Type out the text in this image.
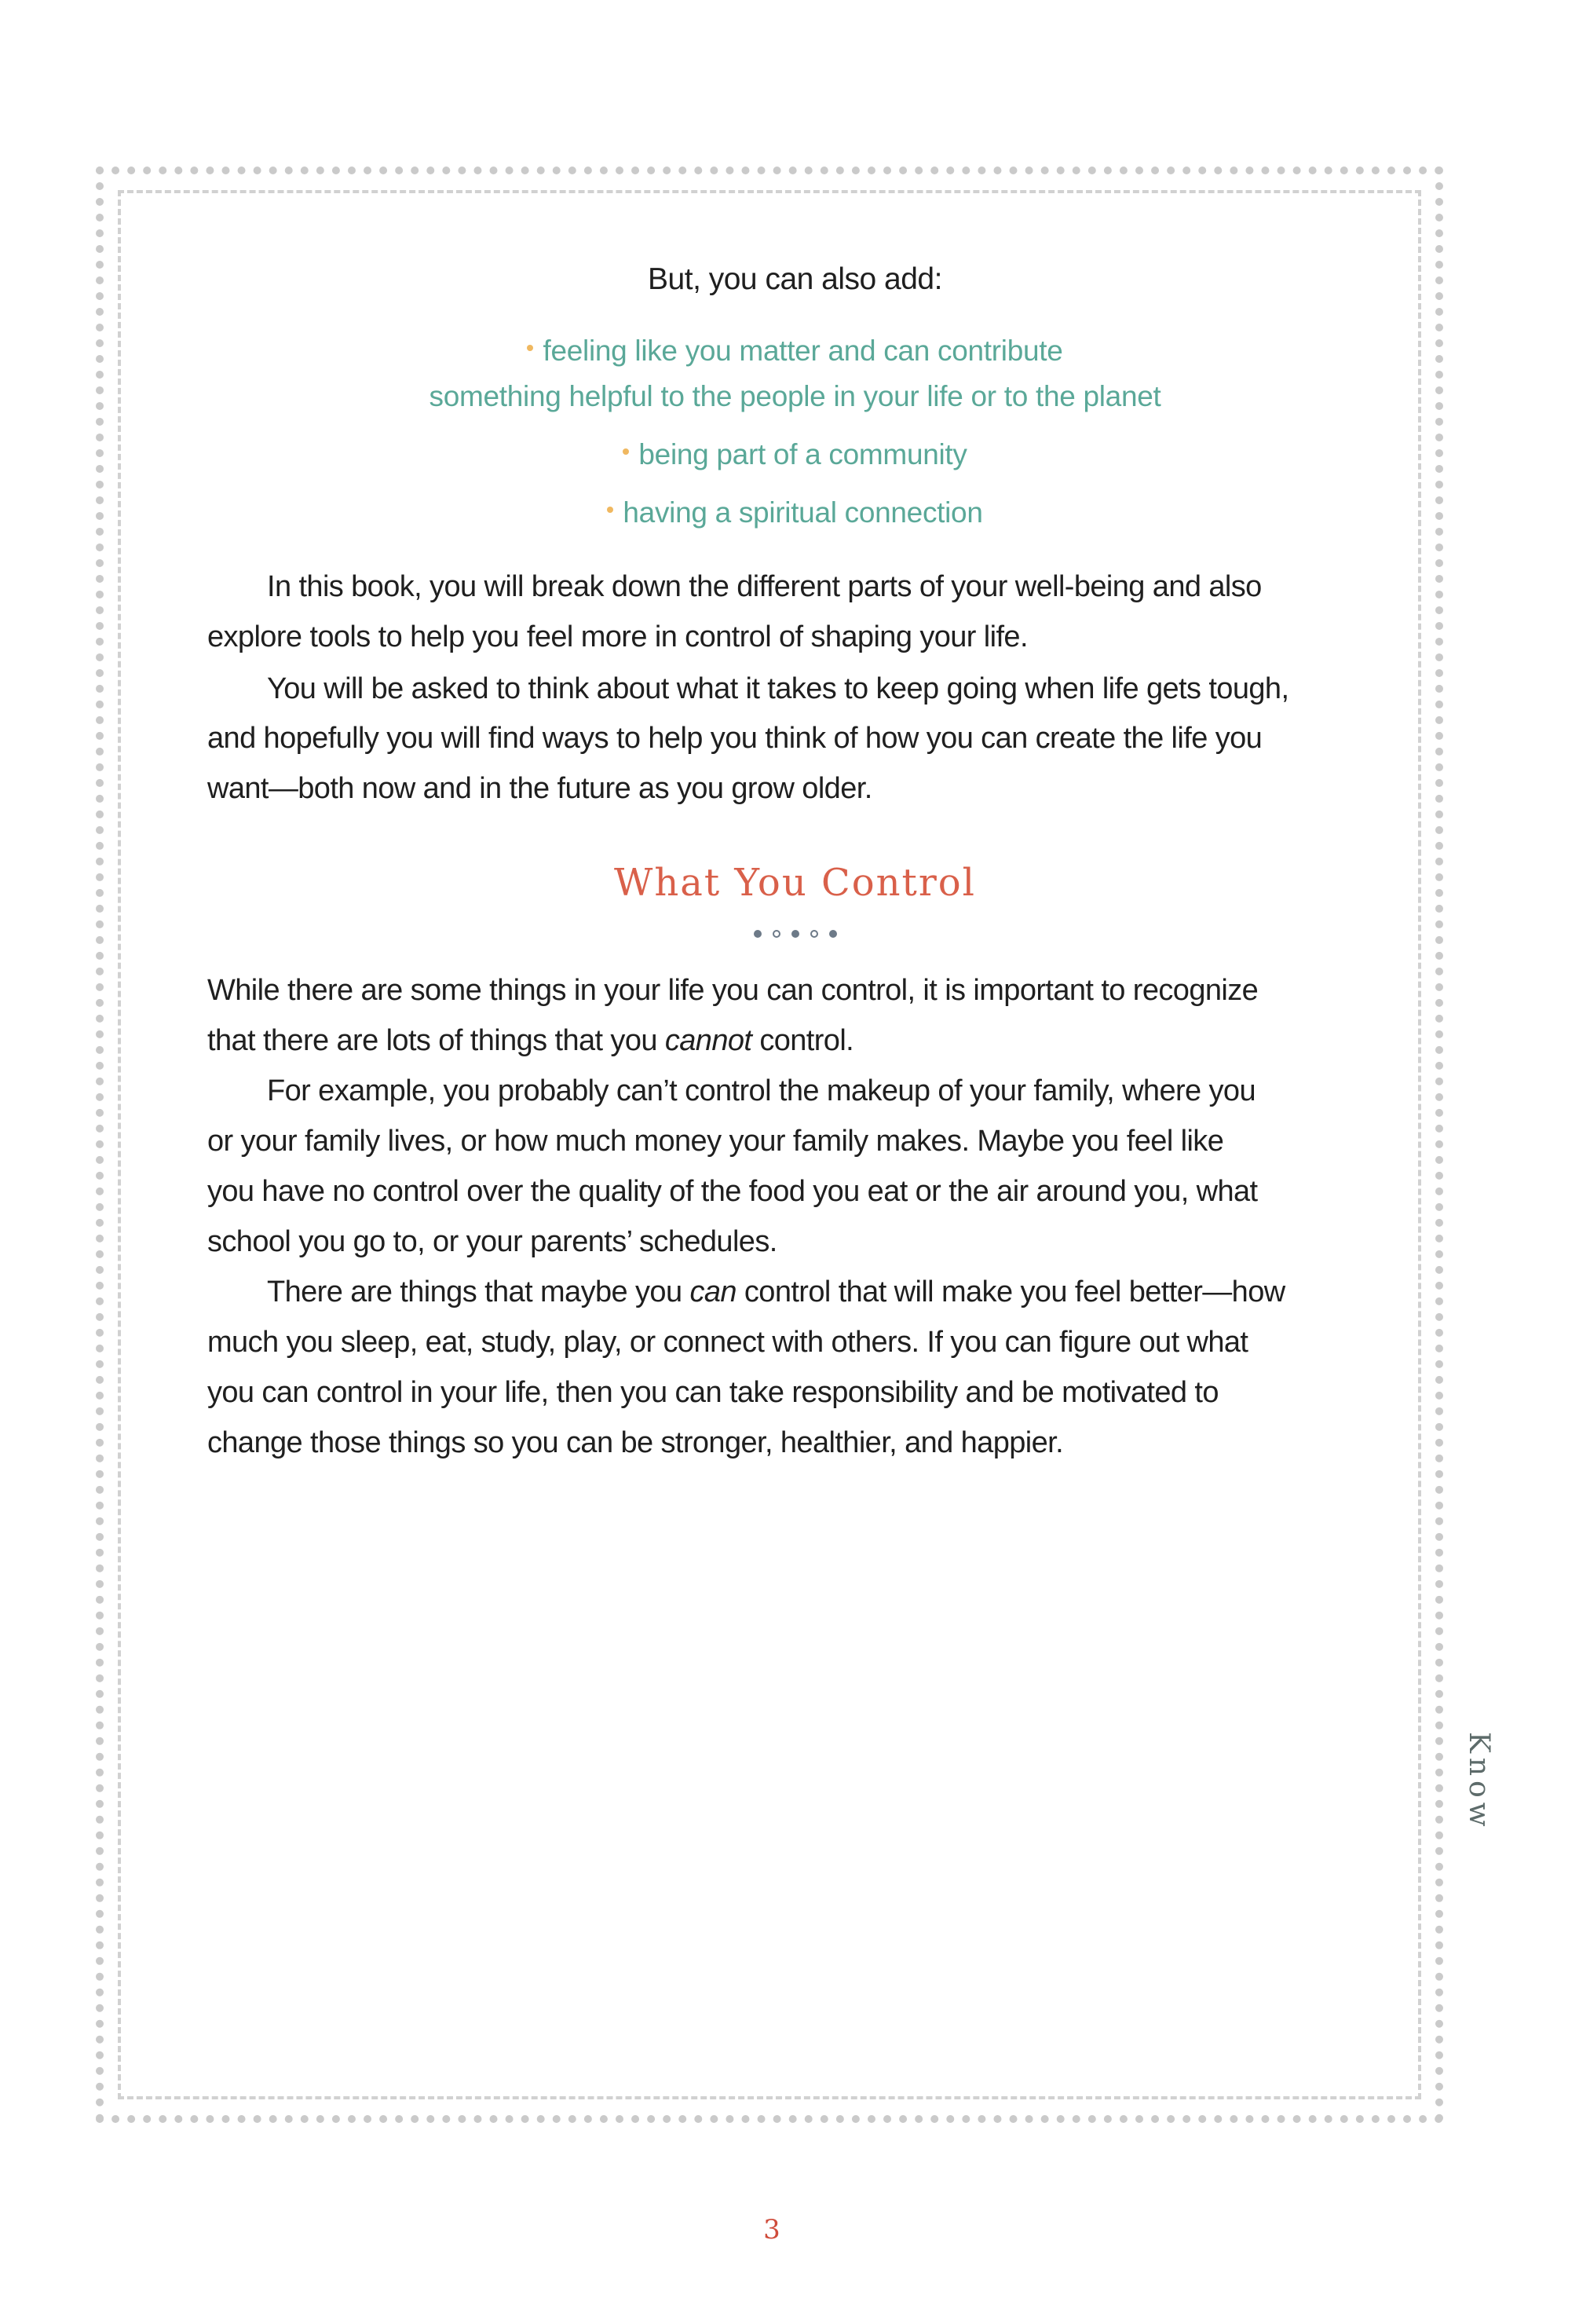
But, you can also add:
feeling like you matter and can contribute
something helpful to the people in your life or to the planet
being part of a community
having a spiritual connection
In this book, you will break down the different parts of your well-being and also
explore tools to help you feel more in control of shaping your life.
You will be asked to think about what it takes to keep going when life gets tough,
and hopefully you will find ways to help you think of how you can create the life you
want—both now and in the future as you grow older.
What You Control
While there are some things in your life you can control, it is important to recognize
that there are lots of things that you cannot control.
For example, you probably can’t control the makeup of your family, where you
or your family lives, or how much money your family makes. Maybe you feel like
you have no control over the quality of the food you eat or the air around you, what
school you go to, or your parents’ schedules.
There are things that maybe you can control that will make you feel better—how
much you sleep, eat, study, play, or connect with others. If you can figure out what
you can control in your life, then you can take responsibility and be motivated to
change those things so you can be stronger, healthier, and happier.
Know
3
